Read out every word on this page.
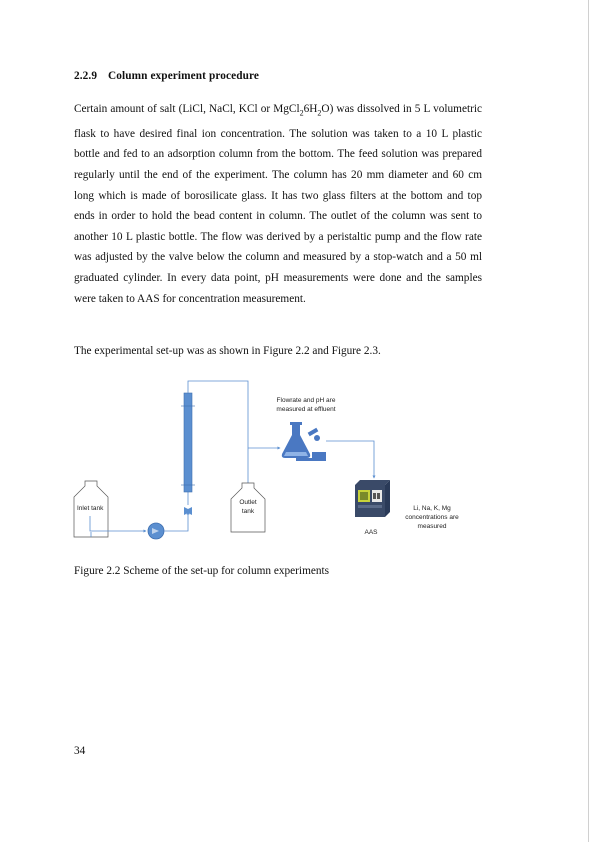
2.2.9 Column experiment procedure
Certain amount of salt (LiCl, NaCl, KCl or $MgCl_26H_2O$) was dissolved in 5 L volumetric flask to have desired final ion concentration. The solution was taken to a 10 L plastic bottle and fed to an adsorption column from the bottom. The feed solution was prepared regularly until the end of the experiment. The column has 20 mm diameter and 60 cm long which is made of borosilicate glass. It has two glass filters at the bottom and top ends in order to hold the bead content in column. The outlet of the column was sent to another 10 L plastic bottle. The flow was derived by a peristaltic pump and the flow rate was adjusted by the valve below the column and measured by a stop-watch and a 50 ml graduated cylinder. In every data point, pH measurements were done and the samples were taken to AAS for concentration measurement.
The experimental set-up was as shown in Figure 2.2 and Figure 2.3.
Inlet tank
Outlet
tank
Flowrate and pH are
measured at effluent
AAS
Li, Na, K, Mg
concentrations are
measured
Figure 2.2 Scheme of the set-up for column experiments
34
